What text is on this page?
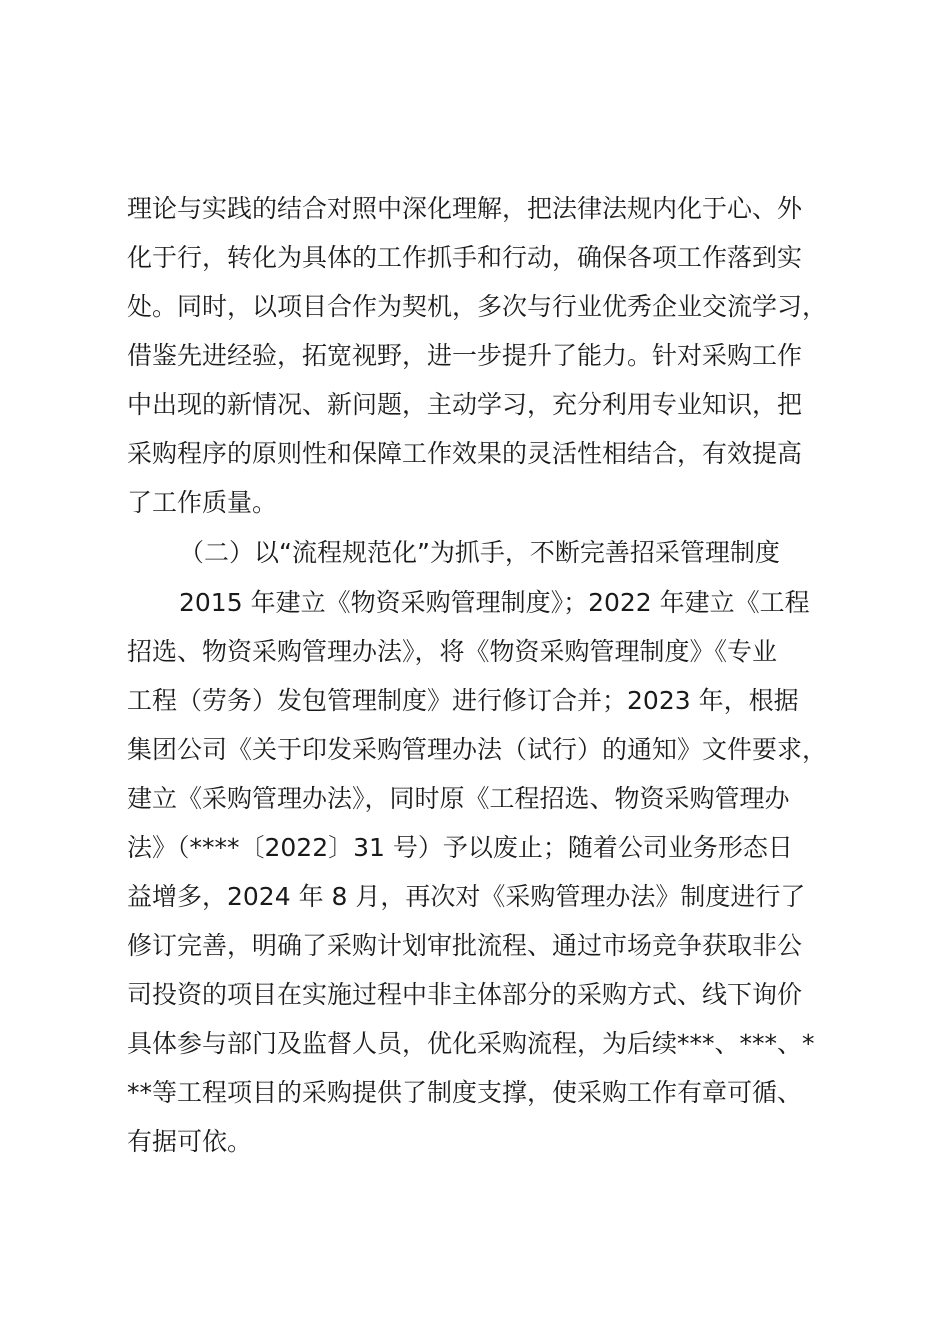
理论与实践的结合对照中深化理解，把法律法规内化于心、外
化于行，转化为具体的工作抓手和行动，确保各项工作落到实
处。同时，以项目合作为契机，多次与行业优秀企业交流学习，
借鉴先进经验，拓宽视野，进一步提升了能力。针对采购工作
中出现的新情况、新问题，主动学习，充分利用专业知识，把
采购程序的原则性和保障工作效果的灵活性相结合，有效提高
了工作质量。
（二）以“流程规范化”为抓手，不断完善招采管理制度
2015 年建立《物资采购管理制度》；2022 年建立《工程
招选、物资采购管理办法》，将《物资采购管理制度》《专业
工程（劳务）发包管理制度》进行修订合并；2023 年，根据
集团公司《关于印发采购管理办法（试行）的通知》文件要求，
建立《采购管理办法》，同时原《工程招选、物资采购管理办
法》（****〔2022〕31 号）予以废止；随着公司业务形态日
益增多，2024 年 8 月，再次对《采购管理办法》制度进行了
修订完善，明确了采购计划审批流程、通过市场竞争获取非公
司投资的项目在实施过程中非主体部分的采购方式、线下询价
具体参与部门及监督人员，优化采购流程，为后续***、***、*
**等工程项目的采购提供了制度支撑，使采购工作有章可循、
有据可依。
